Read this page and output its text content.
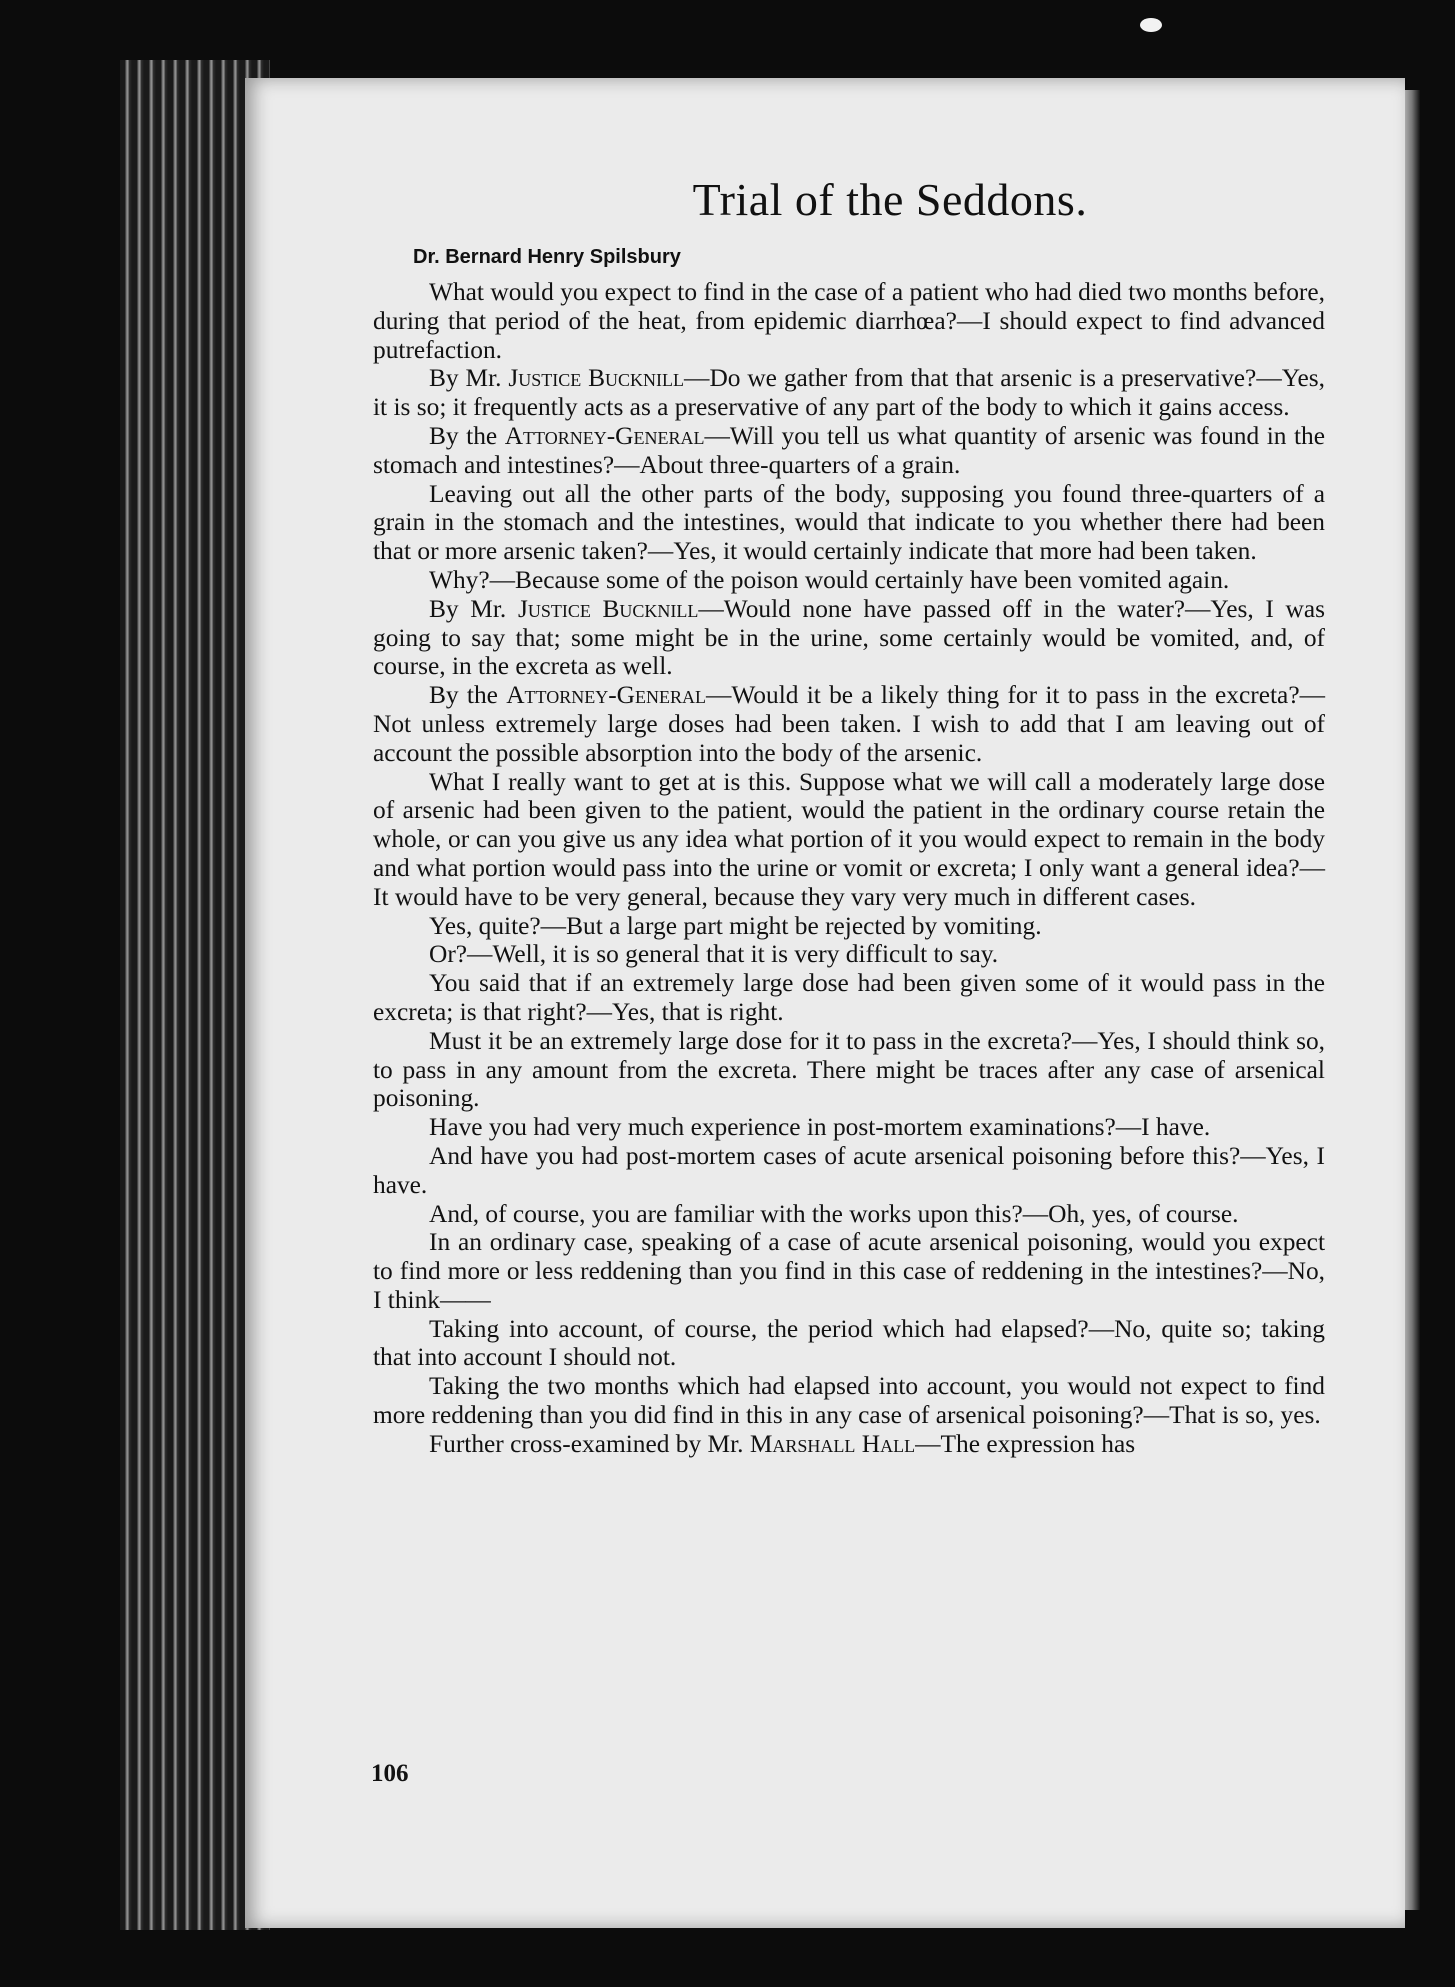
Trial of the Seddons.
Dr. Bernard Henry Spilsbury

What would you expect to find in the case of a patient who had died two months before, during that period of the heat, from epidemic diarrhœa?—I should expect to find advanced putrefaction.

By Mr. Justice Bucknill—Do we gather from that that arsenic is a preservative?—Yes, it is so; it frequently acts as a preservative of any part of the body to which it gains access.

By the Attorney-General—Will you tell us what quantity of arsenic was found in the stomach and intestines?—About three-quarters of a grain.

Leaving out all the other parts of the body, supposing you found three-quarters of a grain in the stomach and the intestines, would that indicate to you whether there had been that or more arsenic taken?—Yes, it would certainly indicate that more had been taken.

Why?—Because some of the poison would certainly have been vomited again.

By Mr. Justice Bucknill—Would none have passed off in the water?—Yes, I was going to say that; some might be in the urine, some certainly would be vomited, and, of course, in the excreta as well.

By the Attorney-General—Would it be a likely thing for it to pass in the excreta?—Not unless extremely large doses had been taken. I wish to add that I am leaving out of account the possible absorption into the body of the arsenic.

What I really want to get at is this. Suppose what we will call a moderately large dose of arsenic had been given to the patient, would the patient in the ordinary course retain the whole, or can you give us any idea what portion of it you would expect to remain in the body and what portion would pass into the urine or vomit or excreta; I only want a general idea?—It would have to be very general, because they vary very much in different cases.

Yes, quite?—But a large part might be rejected by vomiting.

Or?—Well, it is so general that it is very difficult to say.

You said that if an extremely large dose had been given some of it would pass in the excreta; is that right?—Yes, that is right.

Must it be an extremely large dose for it to pass in the excreta?—Yes, I should think so, to pass in any amount from the excreta. There might be traces after any case of arsenical poisoning.

Have you had very much experience in post-mortem examinations?—I have.

And have you had post-mortem cases of acute arsenical poisoning before this?—Yes, I have.

And, of course, you are familiar with the works upon this?—Oh, yes, of course.

In an ordinary case, speaking of a case of acute arsenical poisoning, would you expect to find more or less reddening than you find in this case of reddening in the intestines?—No, I think——

Taking into account, of course, the period which had elapsed?—No, quite so; taking that into account I should not.

Taking the two months which had elapsed into account, you would not expect to find more reddening than you did find in this in any case of arsenical poisoning?—That is so, yes.

Further cross-examined by Mr. Marshall Hall—The expression has

106
